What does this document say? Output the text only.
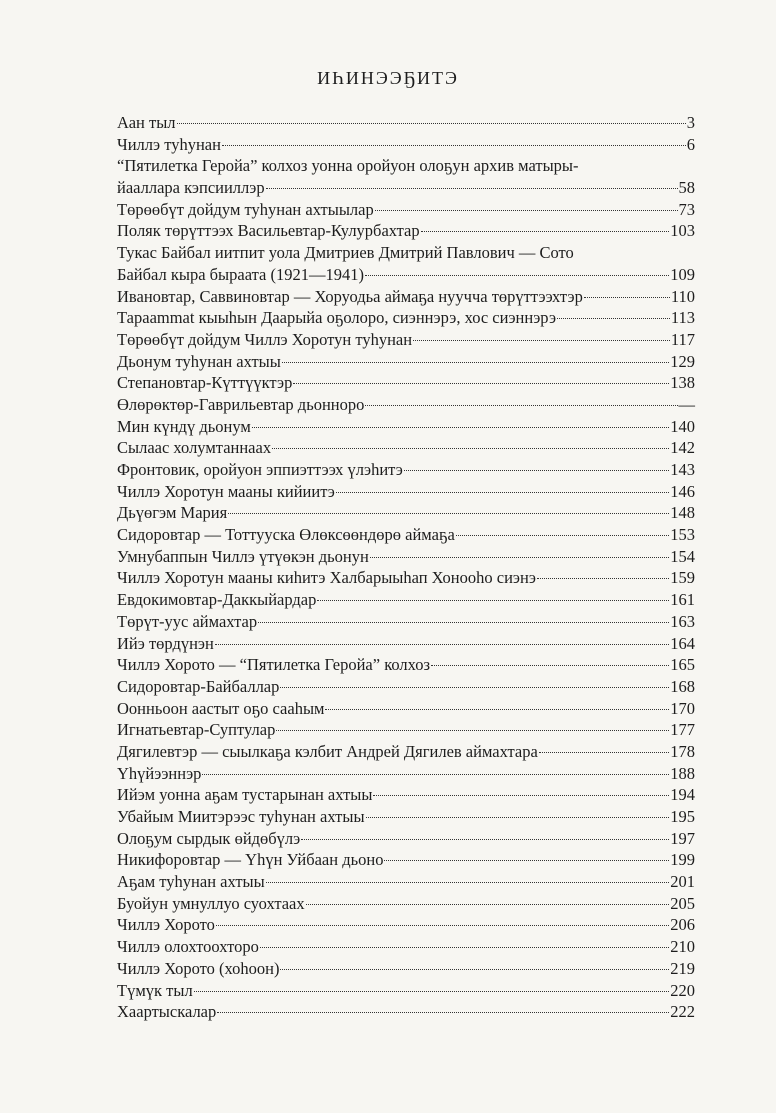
ИҺИНЭЭҔИТЭ
Аан тыл	3
Чиллэ туһунан	6
“Пятилетка Геройа” колхоз уонна оройуон олоҕун архив матыры-
йааллара кэпсииллэр	58
Төрөөбүт дойдум туһунан ахтыылар	73
Поляк төрүттээх Васильевтар-Кулурбахтар	103
Тукас Байбал иитпит уола Дмитриев Дмитрий Павлович — Сото
Байбал кыра быраата (1921—1941)	109
Ивановтар, Саввиновтар — Хоруодьа аймаҕа нуучча төрүттээхтэр	110
Тараammat кыыһын Даарыйа оҕолоро, сиэннэрэ, хос сиэннэрэ	113
Төрөөбүт дойдум Чиллэ Хоротун туһунан	117
Дьонум туһунан ахтыы	129
Степановтар-Күттүүктэр	138
Өлөрөктөр-Гаврильевтар дьонноро	—
Мин күндү дьонум	140
Сылаас холумтаннаах	142
Фронтовик, оройуон эппиэттээх үлэһитэ	143
Чиллэ Хоротун мааны кийиитэ	146
Дьүөгэм Мария	148
Сидоровтар — Тоттууска Өлөксөөндөрө аймаҕа	153
Умнубаппын Чиллэ үтүөкэн дьонун	154
Чиллэ Хоротун мааны киһитэ Халбарыыһап Хонооһо сиэнэ	159
Евдокимовтар-Даккыйардар	161
Төрүт-уус аймахтар	163
Ийэ төрдүнэн	164
Чиллэ Хорото — “Пятилетка Геройа” колхоз	165
Сидоровтар-Байбаллар	168
Оонньоон аастыт оҕо сааһым	170
Игнатьевтар-Суптулар	177
Дягилевтэр — сыылкаҕа кэлбит Андрей Дягилев аймахтара	178
Үһүйээннэр	188
Ийэм уонна аҕам тустарынан ахтыы	194
Убайым Миитэрээс туһунан ахтыы	195
Олоҕум сырдык өйдөбүлэ	197
Никифоровтар — Үһүн Уйбаан дьоно	199
Аҕам туһунан ахтыы	201
Буойун умнуллуо суохтаах	205
Чиллэ Хорото	206
Чиллэ олохтоохторо	210
Чиллэ Хорото (хоһоон)	219
Түмүк тыл	220
Хаартыскалар	222
